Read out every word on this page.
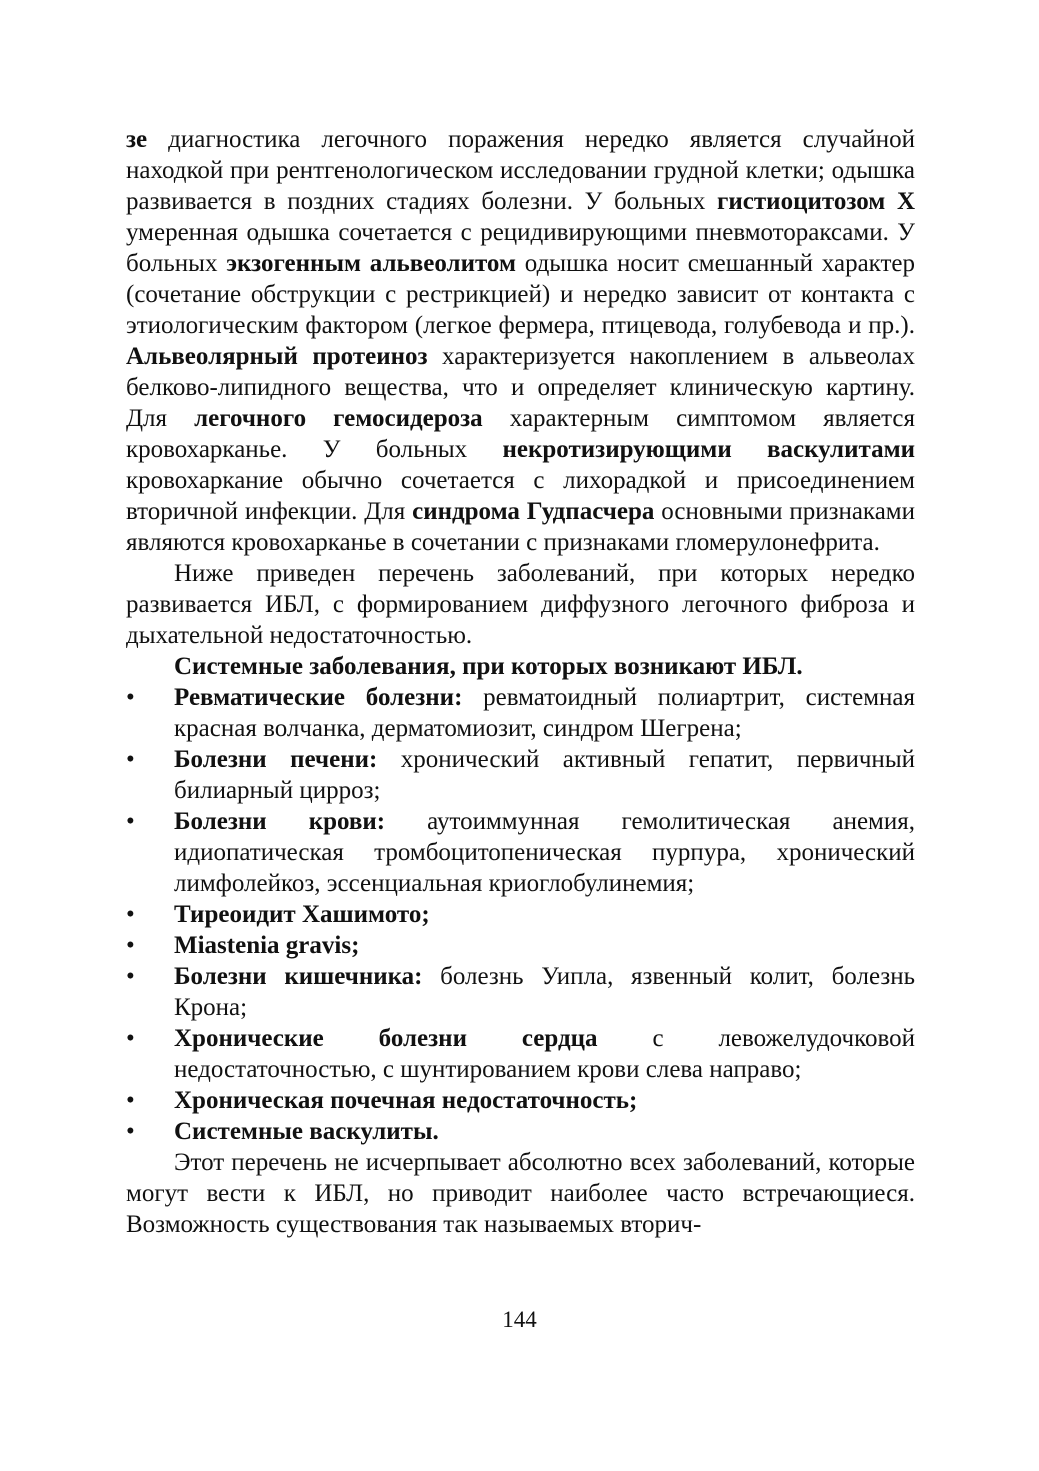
зе диагностика легочного поражения нередко является случайной находкой при рентгенологическом исследовании грудной клетки; одышка развивается в поздних стадиях болезни. У больных гистиоцитозом Х умеренная одышка сочетается с рецидивирующими пневмотораксами. У больных экзогенным альвеолитом одышка носит смешанный характер (сочетание обструкции с рестрикцией) и нередко зависит от контакта с этиологическим фактором (легкое фермера, птицевода, голубевода и пр.). Альвеолярный протеиноз характеризуется накоплением в альвеолах белково-липидного вещества, что и определяет клиническую картину. Для легочного гемосидероза характерным симптомом является кровохарканье. У больных некротизирующими васкулитами кровохаркание обычно сочетается с лихорадкой и присоединением вторичной инфекции. Для синдрома Гудпасчера основными признаками являются кровохарканье в сочетании с признаками гломерулонефрита.

Ниже приведен перечень заболеваний, при которых нередко развивается ИБЛ, с формированием диффузного легочного фиброза и дыхательной недостаточностью.

Системные заболевания, при которых возникают ИБЛ.
• Ревматические болезни: ревматоидный полиартрит, системная красная волчанка, дерматомиозит, синдром Шегрена;
• Болезни печени: хронический активный гепатит, первичный билиарный цирроз;
• Болезни крови: аутоиммунная гемолитическая анемия, идиопатическая тромбоцитопеническая пурпура, хронический лимфолейкоз, эссенциальная криоглобулинемия;
• Тиреоидит Хашимото;
• Miastenia gravis;
• Болезни кишечника: болезнь Уипла, язвенный колит, болезнь Крона;
• Хронические болезни сердца с левожелудочковой недостаточностью, с шунтированием крови слева направо;
• Хроническая почечная недостаточность;
• Системные васкулиты.

Этот перечень не исчерпывает абсолютно всех заболеваний, которые могут вести к ИБЛ, но приводит наиболее часто встречающиеся. Возможность существования так называемых вторич-

144
